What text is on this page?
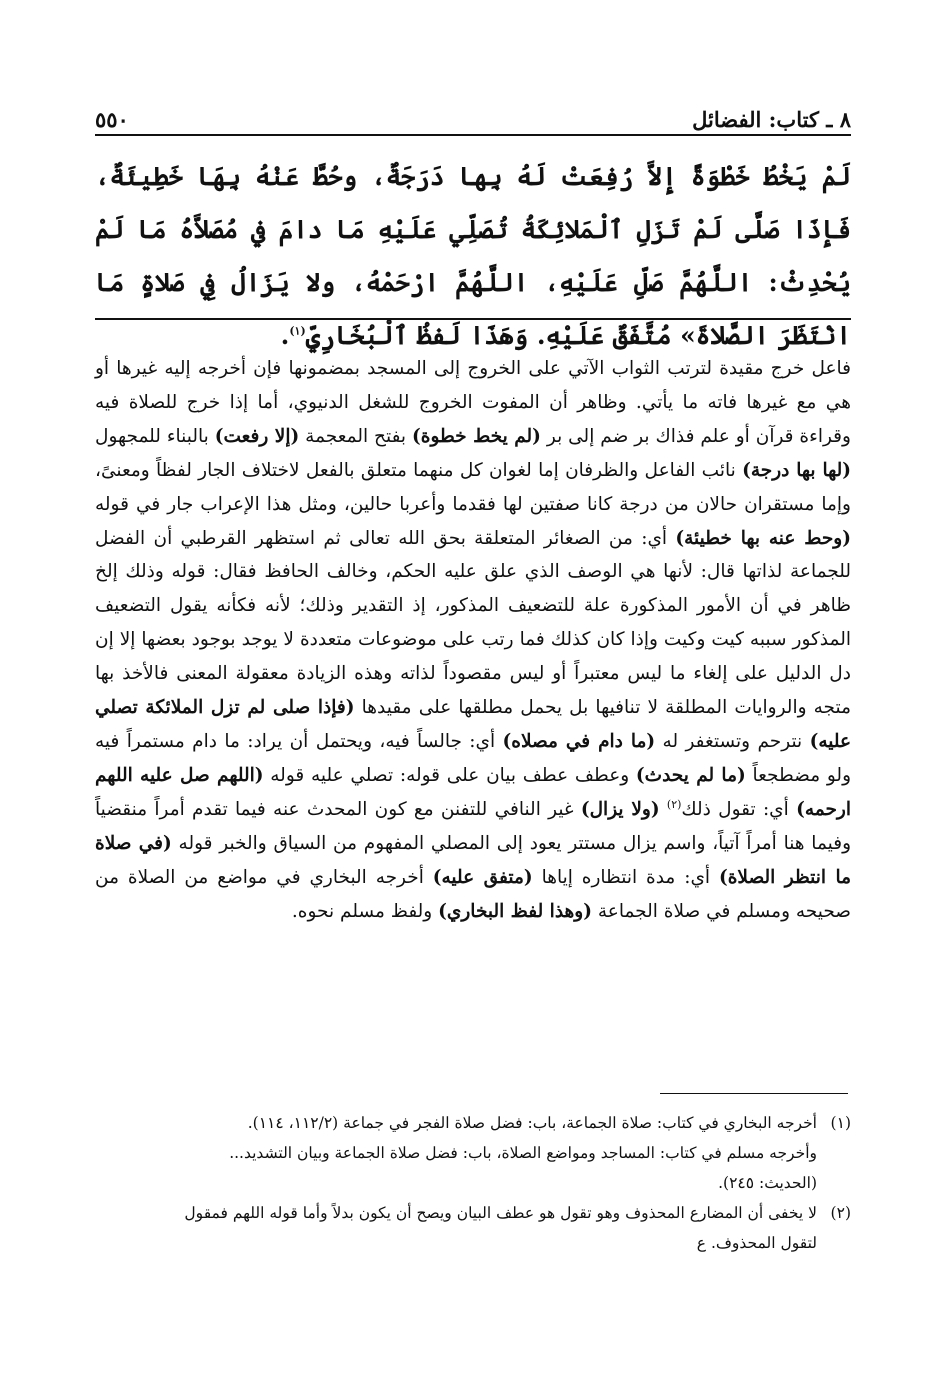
٨ ـ كتاب: الفضائل
٥٥٠
لَمْ يَخْطُ خَطْوَةً إِلاَّ رُفِعَتْ لَهُ بِها دَرَجَةٌ، وحُطَّ عَنْهُ بِهَا خَطِيئَةٌ، فَإِذَا صَلَّى لَمْ تَزَلِ ٱلْمَلائِكَةُ تُصَلِّي عَلَيْهِ مَا دامَ في مُصَلاَّهُ مَا لَمْ يُحْدِثْ: اللَّهُمَّ صَلِّ عَلَيْهِ، اللَّهُمَّ ارْحَمْهُ، ولا يَزَالُ فِي صَلاةٍ مَا انْتَظَرَ الصَّلاةَ» مُتَّفَقٌ عَلَيْهِ. وَهَذَا لَفظُ ٱلْبُخَارِيِّ$^{(١)}$.

فاعل خرج مقيدة لترتب الثواب الآتي على الخروج إلى المسجد بمضمونها فإن أخرجه إليه غيرها أو هي مع غيرها فاته ما يأتي. وظاهر أن المفوت الخروج للشغل الدنيوي، أما إذا خرج للصلاة فيه وقراءة قرآن أو علم فذاك بر ضم إلى بر (لم يخط خطوة) بفتح المعجمة (إلا رفعت) بالبناء للمجهول (لها بها درجة) نائب الفاعل والظرفان إما لغوان كل منهما متعلق بالفعل لاختلاف الجار لفظاً ومعنىً، وإما مستقران حالان من درجة كانا صفتين لها فقدما وأعربا حالين، ومثل هذا الإعراب جار في قوله (وحط عنه بها خطيئة) أي: من الصغائر المتعلقة بحق الله تعالى ثم استظهر القرطبي أن الفضل للجماعة لذاتها قال: لأنها هي الوصف الذي علق عليه الحكم، وخالف الحافظ فقال: قوله وذلك إلخ ظاهر في أن الأمور المذكورة علة للتضعيف المذكور، إذ التقدير وذلك؛ لأنه فكأنه يقول التضعيف المذكور سببه كيت وكيت وإذا كان كذلك فما رتب على موضوعات متعددة لا يوجد بوجود بعضها إلا إن دل الدليل على إلغاء ما ليس معتبراً أو ليس مقصوداً لذاته وهذه الزيادة معقولة المعنى فالأخذ بها متجه والروايات المطلقة لا تنافيها بل يحمل مطلقها على مقيدها (فإذا صلى لم تزل الملائكة تصلي عليه) نترحم وتستغفر له (ما دام في مصلاه) أي: جالساً فيه، ويحتمل أن يراد: ما دام مستمراً فيه ولو مضطجعاً (ما لم يحدث) وعطف عطف بيان على قوله: تصلي عليه قوله (اللهم صل عليه اللهم ارحمه) أي: تقول ذلك$^{(٢)}$ (ولا يزال) غير النافي للتفنن مع كون المحدث عنه فيما تقدم أمراً منقضياً وفيما هنا أمراً آتياً، واسم يزال مستتر يعود إلى المصلي المفهوم من السياق والخبر قوله (في صلاة ما انتظر الصلاة) أي: مدة انتظاره إياها (متفق عليه) أخرجه البخاري في مواضع من الصلاة من صحيحه ومسلم في صلاة الجماعة (وهذا لفظ البخاري) ولفظ مسلم نحوه.

(١)
أخرجه البخاري في كتاب: صلاة الجماعة، باب: فضل صلاة الفجر في جماعة (١١٢/٢، ١١٤).
وأخرجه مسلم في كتاب: المساجد ومواضع الصلاة، باب: فضل صلاة الجماعة وبيان التشديد...
(الحديث: ٢٤٥).
(٢)
لا يخفى أن المضارع المحذوف وهو تقول هو عطف البيان ويصح أن يكون بدلاً وأما قوله اللهم فمقول
لتقول المحذوف. ع
